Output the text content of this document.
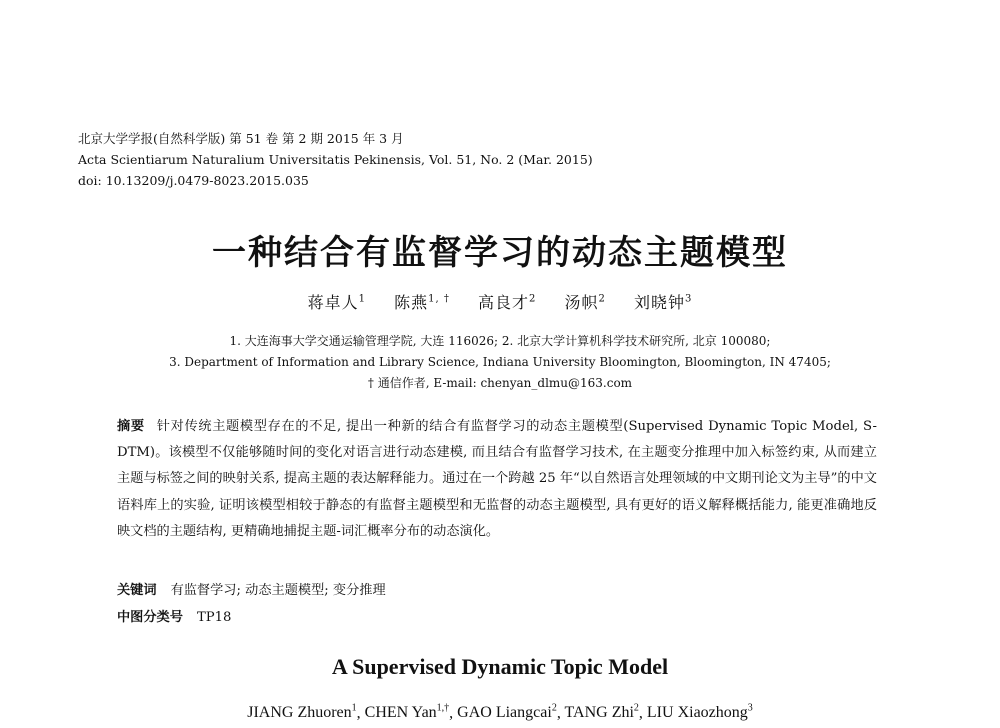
北京大学学报(自然科学版) 第 51 卷 第 2 期 2015 年 3 月
Acta Scientiarum Naturalium Universitatis Pekinensis, Vol. 51, No. 2 (Mar. 2015)
doi: 10.13209/j.0479-8023.2015.035
一种结合有监督学习的动态主题模型
蒋卓人$^1$ 陈燕$^{1, \dagger}$ 高良才$^2$ 汤帜$^2$ 刘晓钟$^3$
1. 大连海事大学交通运输管理学院, 大连 116026; 2. 北京大学计算机科学技术研究所, 北京 100080;
3. Department of Information and Library Science, Indiana University Bloomington, Bloomington, IN 47405;
† 通信作者, E-mail: chenyan_dlmu@163.com
摘要 针对传统主题模型存在的不足, 提出一种新的结合有监督学习的动态主题模型(Supervised Dynamic Topic Model, S-DTM)。该模型不仅能够随时间的变化对语言进行动态建模, 而且结合有监督学习技术, 在主题变分推理中加入标签约束, 从而建立主题与标签之间的映射关系, 提高主题的表达解释能力。通过在一个跨越 25 年“以自然语言处理领域的中文期刊论文为主导”的中文语料库上的实验, 证明该模型相较于静态的有监督主题模型和无监督的动态主题模型, 具有更好的语义解释概括能力, 能更准确地反映文档的主题结构, 更精确地捕捉主题-词汇概率分布的动态演化。
关键词 有监督学习; 动态主题模型; 变分推理
中图分类号 TP18
A Supervised Dynamic Topic Model
JIANG Zhuoren$^1$, CHEN Yan$^{1,\dagger}$, GAO Liangcai$^2$, TANG Zhi$^2$, LIU Xiaozhong$^3$
